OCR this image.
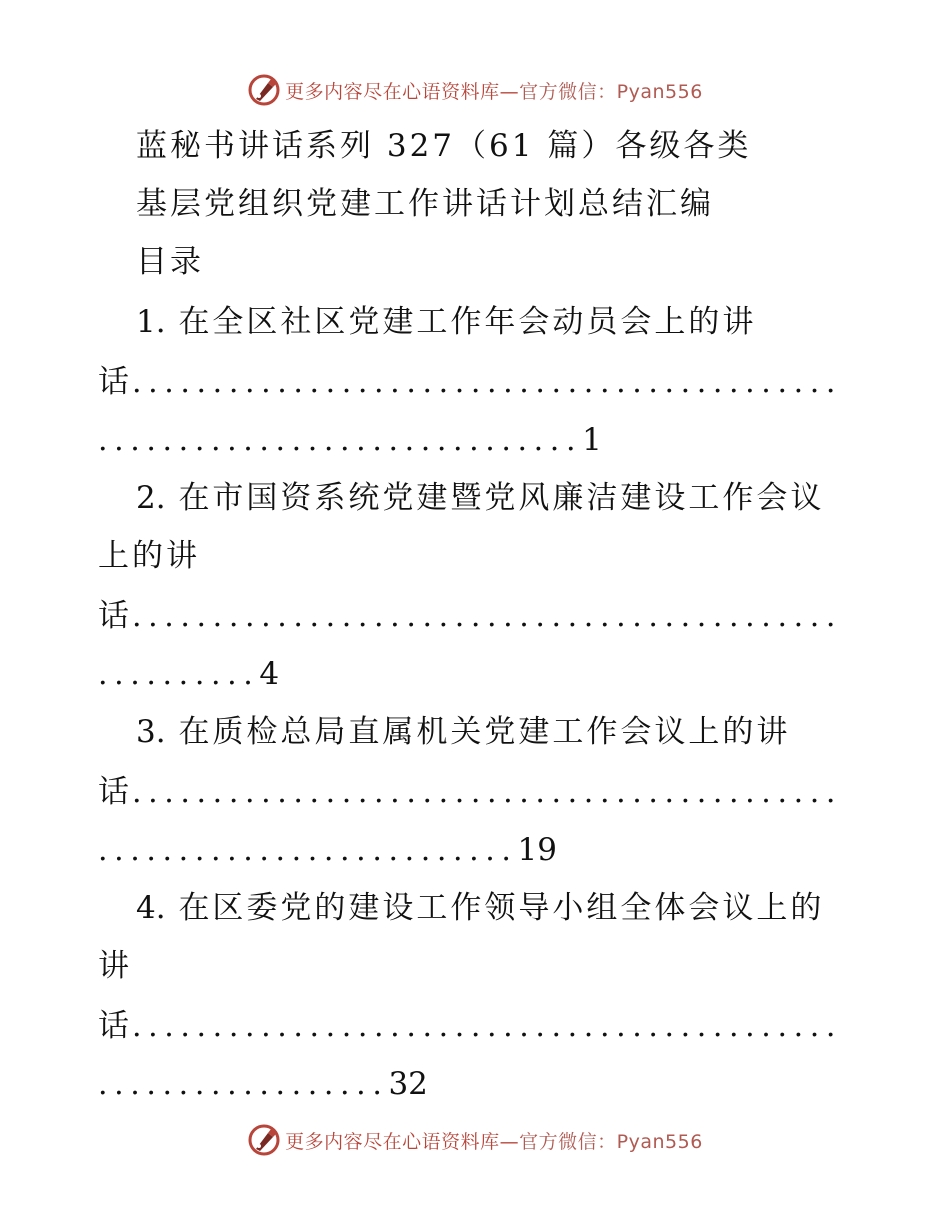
更多内容尽在心语资料库—官方微信：Pyan556
蓝秘书讲话系列 327（61 篇）各级各类
基层党组织党建工作讲话计划总结汇编
目录
1. 在全区社区党建工作年会动员会上的讲
话............................................
..............................1
2. 在市国资系统党建暨党风廉洁建设工作会议
上的讲
话............................................
..........4
3. 在质检总局直属机关党建工作会议上的讲
话............................................
..........................19
4. 在区委党的建设工作领导小组全体会议上的
讲
话............................................
..................32
更多内容尽在心语资料库—官方微信：Pyan556
